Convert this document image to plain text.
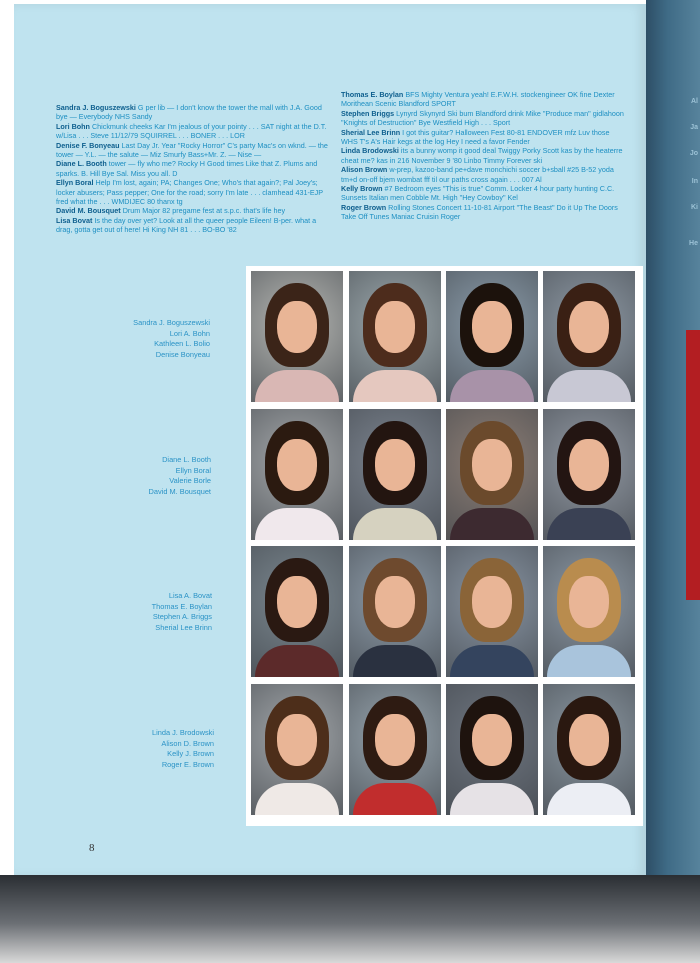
Sandra J. Boguszewski G per lib — I don't know the tower the mall with J.A. Good bye — Everybody NHS Sandy

Lori Bohn Chickmunk cheeks Kar I'm jealous of your pointy . . . SAT night at the D.T. w/Lisa . . . Steve 11/12/79 SQUIRREL . . . BONER . . . LOR

Denise F. Bonyeau Last Day Jr. Year "Rocky Horror" C's party Mac's on wknd. — the tower — Y.L. — the salute — Miz Smurfy Bass+Mr. Z. — Nise —

Diane L. Booth tower — fly who me? Rocky H Good times Like that Z. Plums and sparks. B. Hill Bye Sal. Miss you all. D

Ellyn Boral Help I'm lost, again; PA; Changes One; Who's that again?; Pal Joey's; locker abusers; Pass pepper; One for the road; sorry I'm late . . . clamhead 431-EJP fred what the . . . WMDIJEC 80 thanx tg

David M. Bousquet Drum Major 82 pregame fest at s.p.c. that's life hey

Lisa Bovat Is the day over yet? Look at all the queer people Eileen! B-per. what a drag, gotta get out of here! Hi King NH 81 . . . BO-BO '82

Thomas E. Boylan BFS Mighty Ventura yeah! E.F.W.H. stockengineer OK fine Dexter Morithean Scenic Blandford SPORT

Stephen Briggs Lynyrd Skynyrd Ski bum Blandford drink Mike "Produce man" gidlahoon "Knights of Destruction" Bye Westfield High . . . Sport

Sherial Lee Brinn I got this guitar? Halloween Fest 80-81 ENDOVER mfz Luv those WHS T's A's Hair kegs at the log Hey I need a favor Fender

Linda Brodowski its a bunny womp it good deal Twiggy Porky Scott kas by the heaterre cheat me? kas in 216 November 9 '80 Linbo Timmy Forever ski

Alison Brown w-prep, kazoo-band pe+dave monchichi soccer b+sball #25 B-52 yoda tm+d on-off bjem wombat fff til our paths cross again . . . 007 Al

Kelly Brown #7 Bedroom eyes "This is true" Comm. Locker 4 hour party hunting C.C. Sunsets Italian men Cobble Mt. High "Hey Cowboy" Kel

Roger Brown Rolling Stones Concert 11-10-81 Airport "The Beast" Do it Up The Doors Take Off Tunes Maniac Cruisin Roger

Sandra J. Boguszewski
Lori A. Bohn
Kathleen L. Bolio
Denise Bonyeau
Diane L. Booth
Ellyn Boral
Valerie Borle
David M. Bousquet
Lisa A. Bovat
Thomas E. Boylan
Stephen A. Briggs
Sherial Lee Brinn
Linda J. Brodowski
Alison D. Brown
Kelly J. Brown
Roger E. Brown
8
Al
Ja
Jo
In
Ki
He
